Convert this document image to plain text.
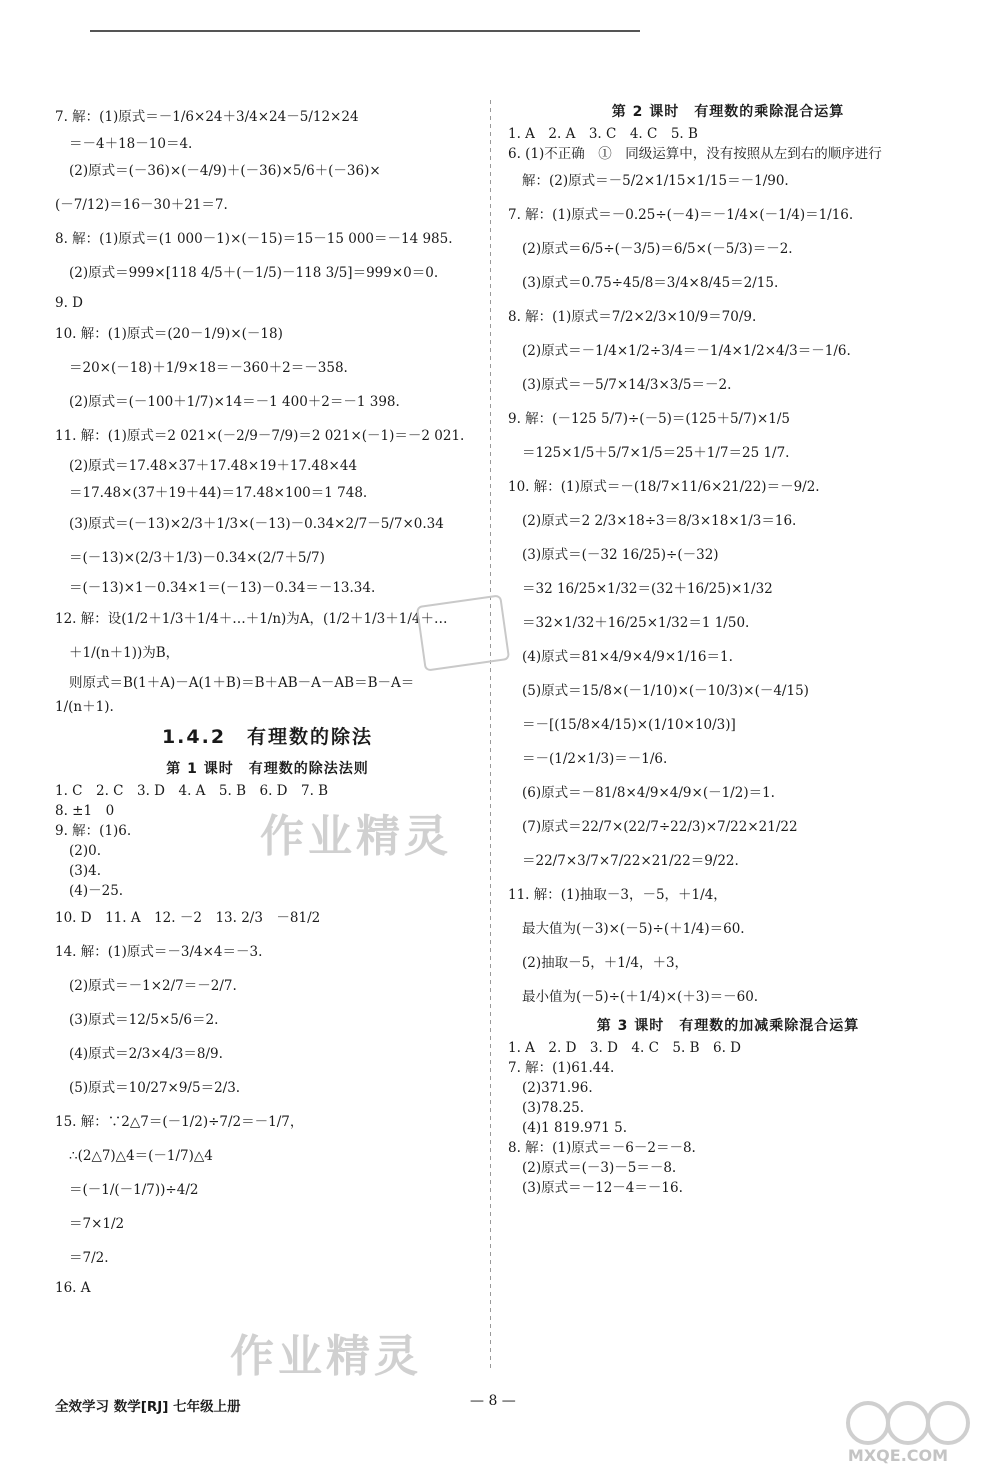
7. 解：(1)原式＝－1/6×24＋3/4×24－5/12×24
＝－4＋18－10＝4.
(2)原式＝(－36)×(－4/9)＋(－36)×5/6＋(－36)×
(－7/12)＝16－30＋21＝7.
8. 解：(1)原式＝(1 000－1)×(－15)＝15－15 000＝－14 985.
(2)原式＝999×[118 4/5＋(－1/5)－118 3/5]＝999×0＝0.
9. D
10. 解：(1)原式＝(20－1/9)×(－18)
＝20×(－18)＋1/9×18＝－360＋2＝－358.
(2)原式＝(－100＋1/7)×14＝－1 400＋2＝－1 398.
11. 解：(1)原式＝2 021×(－2/9－7/9)＝2 021×(－1)＝－2 021.
(2)原式＝17.48×37＋17.48×19＋17.48×44
＝17.48×(37＋19＋44)＝17.48×100＝1 748.
(3)原式＝(－13)×2/3＋1/3×(－13)－0.34×2/7－5/7×0.34
＝(－13)×(2/3＋1/3)－0.34×(2/7＋5/7)
＝(－13)×1－0.34×1＝(－13)－0.34＝－13.34.
12. 解：设(1/2＋1/3＋1/4＋…＋1/n)为A，(1/2＋1/3＋1/4＋…
＋1/(n＋1))为B，
则原式＝B(1＋A)－A(1＋B)＝B＋AB－A－AB＝B－A＝
1/(n＋1).
1.4.2　有理数的除法
第 1 课时　有理数的除法法则
1. C　2. C　3. D　4. A　5. B　6. D　7. B
8. ±1　0
9. 解：(1)6.
(2)0.
(3)4.
(4)－25.
10. D　11. A　12. －2　13. 2/3　－81/2
14. 解：(1)原式＝－3/4×4＝－3.
(2)原式＝－1×2/7＝－2/7.
(3)原式＝12/5×5/6＝2.
(4)原式＝2/3×4/3＝8/9.
(5)原式＝10/27×9/5＝2/3.
15. 解：∵2△7＝(－1/2)÷7/2＝－1/7，
∴(2△7)△4＝(－1/7)△4
＝(－1/(－1/7))÷4/2
＝7×1/2
＝7/2.
16. A
第 2 课时　有理数的乘除混合运算
1. A　2. A　3. C　4. C　5. B
6. (1)不正确　①　同级运算中，没有按照从左到右的顺序进行
解：(2)原式＝－5/2×1/15×1/15＝－1/90.
7. 解：(1)原式＝－0.25÷(－4)＝－1/4×(－1/4)＝1/16.
(2)原式＝6/5÷(－3/5)＝6/5×(－5/3)＝－2.
(3)原式＝0.75÷45/8＝3/4×8/45＝2/15.
8. 解：(1)原式＝7/2×2/3×10/9＝70/9.
(2)原式＝－1/4×1/2÷3/4＝－1/4×1/2×4/3＝－1/6.
(3)原式＝－5/7×14/3×3/5＝－2.
9. 解：(－125 5/7)÷(－5)＝(125＋5/7)×1/5
＝125×1/5＋5/7×1/5＝25＋1/7＝25 1/7.
10. 解：(1)原式＝－(18/7×11/6×21/22)＝－9/2.
(2)原式＝2 2/3×18÷3＝8/3×18×1/3＝16.
(3)原式＝(－32 16/25)÷(－32)
＝32 16/25×1/32＝(32＋16/25)×1/32
＝32×1/32＋16/25×1/32＝1 1/50.
(4)原式＝81×4/9×4/9×1/16＝1.
(5)原式＝15/8×(－1/10)×(－10/3)×(－4/15)
＝－[(15/8×4/15)×(1/10×10/3)]
＝－(1/2×1/3)＝－1/6.
(6)原式＝－81/8×4/9×4/9×(－1/2)＝1.
(7)原式＝22/7×(22/7÷22/3)×7/22×21/22
＝22/7×3/7×7/22×21/22＝9/22.
11. 解：(1)抽取－3，－5，＋1/4，
最大值为(－3)×(－5)÷(＋1/4)＝60.
(2)抽取－5，＋1/4，＋3，
最小值为(－5)÷(＋1/4)×(＋3)＝－60.
第 3 课时　有理数的加减乘除混合运算
1. A　2. D　3. D　4. C　5. B　6. D
7. 解：(1)61.44.
(2)371.96.
(3)78.25.
(4)1 819.971 5.
8. 解：(1)原式＝－6－2＝－8.
(2)原式＝(－3)－5＝－8.
(3)原式＝－12－4＝－16.
作业精灵
作业精灵
全效学习 数学[RJ] 七年级上册	— 8 —
MXQE.COM
